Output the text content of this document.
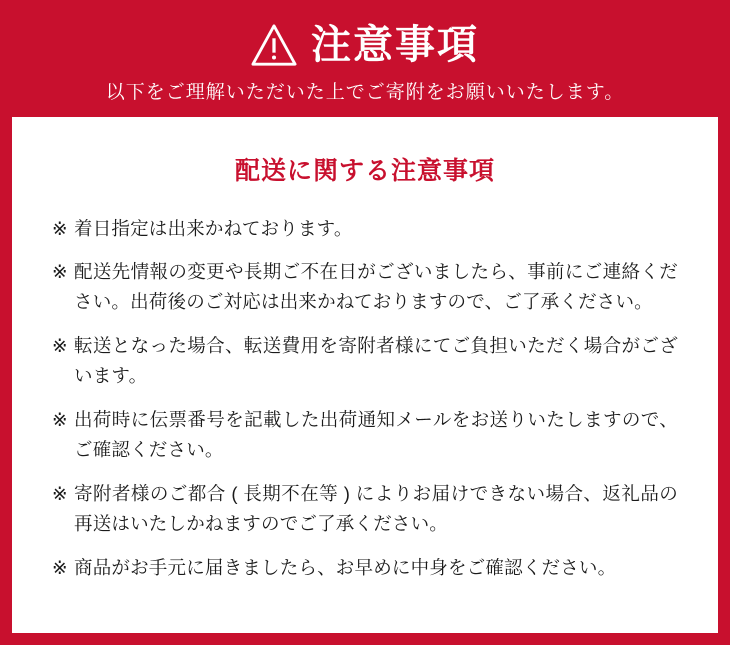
注意事項
以下をご理解いただいた上でご寄附をお願いいたします。
配送に関する注意事項
※ 着日指定は出来かねております。
※ 配送先情報の変更や長期ご不在日がございましたら、事前にご連絡ください。出荷後のご対応は出来かねておりますので、ご了承ください。
※ 転送となった場合、転送費用を寄附者様にてご負担いただく場合がございます。
※ 出荷時に伝票番号を記載した出荷通知メールをお送りいたしますので、ご確認ください。
※ 寄附者様のご都合 ( 長期不在等 ) によりお届けできない場合、返礼品の再送はいたしかねますのでご了承ください。
※ 商品がお手元に届きましたら、お早めに中身をご確認ください。
